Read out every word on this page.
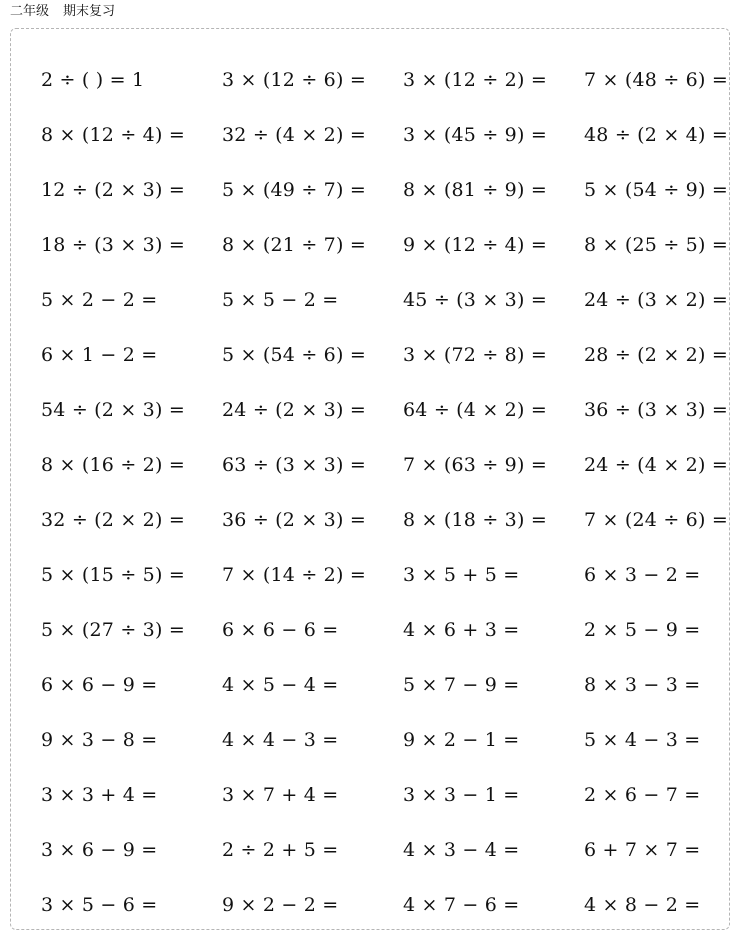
二年级 期末复习
2 ÷ ( ) = 1	3 × (12 ÷ 6) =	3 × (12 ÷ 2) =	7 × (48 ÷ 6) =
8 × (12 ÷ 4) =	32 ÷ (4 × 2) =	3 × (45 ÷ 9) =	48 ÷ (2 × 4) =
12 ÷ (2 × 3) =	5 × (49 ÷ 7) =	8 × (81 ÷ 9) =	5 × (54 ÷ 9) =
18 ÷ (3 × 3) =	8 × (21 ÷ 7) =	9 × (12 ÷ 4) =	8 × (25 ÷ 5) =
5 × 2 − 2 =	5 × 5 − 2 =	45 ÷ (3 × 3) =	24 ÷ (3 × 2) =
6 × 1 − 2 =	5 × (54 ÷ 6) =	3 × (72 ÷ 8) =	28 ÷ (2 × 2) =
54 ÷ (2 × 3) =	24 ÷ (2 × 3) =	64 ÷ (4 × 2) =	36 ÷ (3 × 3) =
8 × (16 ÷ 2) =	63 ÷ (3 × 3) =	7 × (63 ÷ 9) =	24 ÷ (4 × 2) =
32 ÷ (2 × 2) =	36 ÷ (2 × 3) =	8 × (18 ÷ 3) =	7 × (24 ÷ 6) =
5 × (15 ÷ 5) =	7 × (14 ÷ 2) =	3 × 5 + 5 =	6 × 3 − 2 =
5 × (27 ÷ 3) =	6 × 6 − 6 =	4 × 6 + 3 =	2 × 5 − 9 =
6 × 6 − 9 =	4 × 5 − 4 =	5 × 7 − 9 =	8 × 3 − 3 =
9 × 3 − 8 =	4 × 4 − 3 =	9 × 2 − 1 =	5 × 4 − 3 =
3 × 3 + 4 =	3 × 7 + 4 =	3 × 3 − 1 =	2 × 6 − 7 =
3 × 6 − 9 =	2 ÷ 2 + 5 =	4 × 3 − 4 =	6 + 7 × 7 =
3 × 5 − 6 =	9 × 2 − 2 =	4 × 7 − 6 =	4 × 8 − 2 =
